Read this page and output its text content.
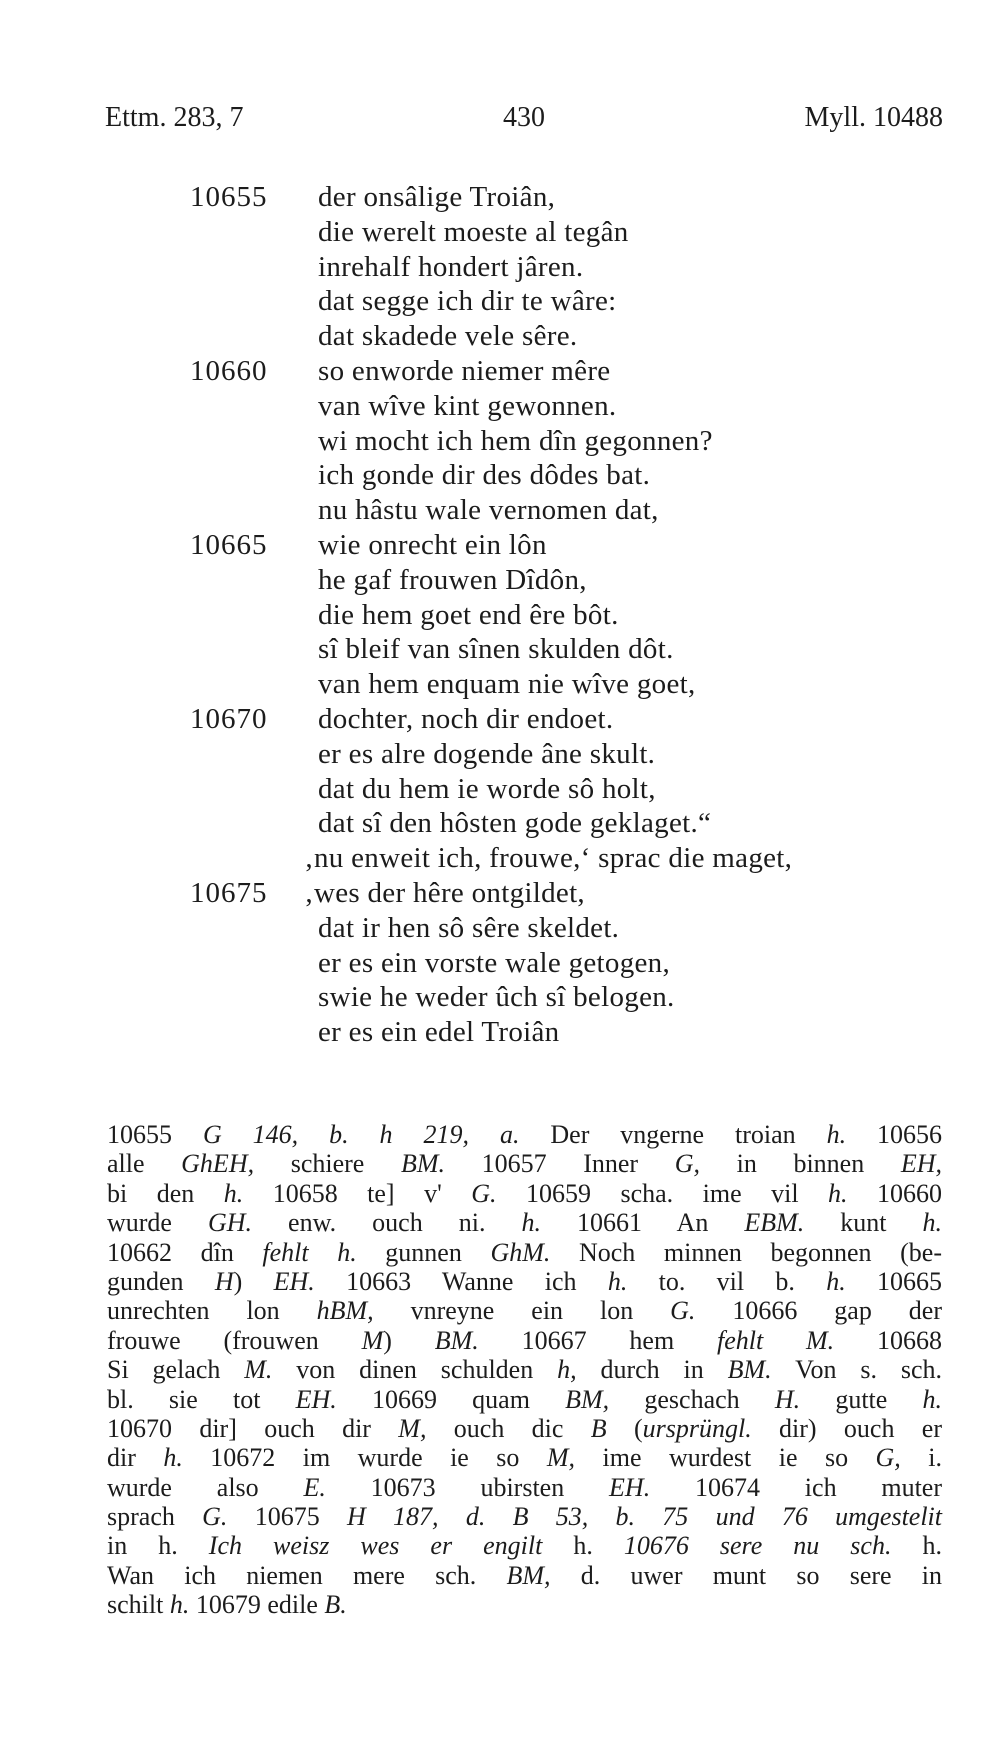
Ettm. 283, 7	430	Myll. 10488
10655	der onsâlige Troiân,
die werelt moeste al tegân
inrehalf hondert jâren.
dat segge ich dir te wâre:
dat skadede vele sêre.
10660	so enworde niemer mêre
van wîve kint gewonnen.
wi mocht ich hem dîn gegonnen?
ich gonde dir des dôdes bat.
nu hâstu wale vernomen dat,
10665	wie onrecht ein lôn
he gaf frouwen Dîdôn,
die hem goet end êre bôt.
sî bleif van sînen skulden dôt.
van hem enquam nie wîve goet,
10670	dochter, noch dir endoet.
er es alre dogende âne skult.
dat du hem ie worde sô holt,
dat sî den hôsten gode geklaget.“
‚nu enweit ich, frouwe,‘ sprac die maget,
10675	‚wes der hêre ontgildet,
dat ir hen sô sêre skeldet.
er es ein vorste wale getogen,
swie he weder ûch sî belogen.
er es ein edel Troiân
10655 G 146, b. h 219, a. Der vngerne troian h. 10656
alle GhEH, schiere BM. 10657 Inner G, in binnen EH,
bi den h. 10658 te] v' G. 10659 scha. ime vil h. 10660
wurde GH. enw. ouch ni. h. 10661 An EBM. kunt h.
10662 dîn fehlt h. gunnen GhM. Noch minnen begonnen (be-
gunden H) EH. 10663 Wanne ich h. to. vil b. h. 10665
unrechten lon hBM, vnreyne ein lon G. 10666 gap der
frouwe (frouwen M) BM. 10667 hem fehlt M. 10668
Si gelach M. von dinen schulden h, durch in BM. Von s. sch.
bl. sie tot EH. 10669 quam BM, geschach H. gutte h.
10670 dir] ouch dir M, ouch dic B (ursprüngl. dir) ouch er
dir h. 10672 im wurde ie so M, ime wurdest ie so G, i.
wurde also E. 10673 ubirsten EH. 10674 ich muter
sprach G. 10675 H 187, d. B 53, b. 75 und 76 umgestelit
in h. Ich weisz wes er engilt h. 10676 sere nu sch. h.
Wan ich niemen mere sch. BM, d. uwer munt so sere in
schilt h. 10679 edile B.
